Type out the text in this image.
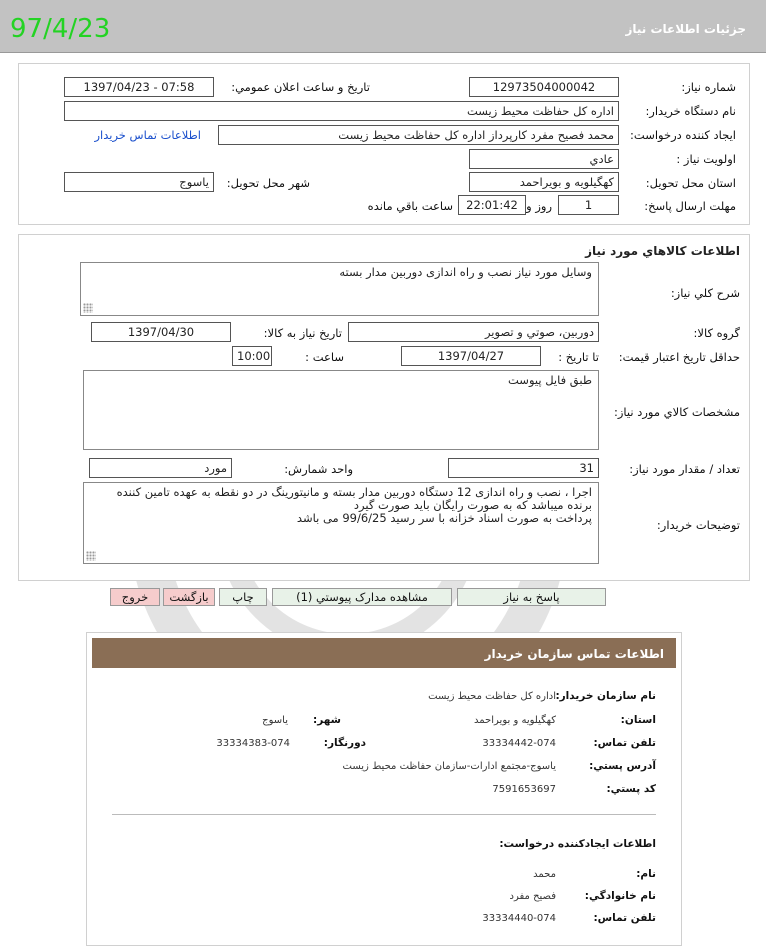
97/4/23	جزئيات اطلاعات نياز
شماره نياز:
1297350400004‎2
تاريخ و ساعت اعلان عمومي:
1397/04/23 - 07:58
نام دستگاه خريدار:
اداره کل حفاظت محيط زيست
ايجاد کننده درخواست:
محمد فصيح مفرد کارپرداز اداره کل حفاظت محيط زيست
اطلاعات تماس خريدار
اولويت نياز :
عادي
استان محل تحويل:
کهگيلويه و بويراحمد
شهر محل تحويل:
ياسوج
مهلت ارسال پاسخ:
1
روز و
22:01:42
ساعت باقي مانده
اطلاعات کالاهاي مورد نياز
شرح کلي نياز:
وسايل مورد نياز نصب و راه اندازی دوربين مدار بسته
گروه کالا:
دوربين، صوتي و تصوير
تاريخ نياز به کالا:
1397/04/30
حداقل تاريخ اعتبار قيمت:
تا تاريخ :
1397/04/27
ساعت :
10:00
مشخصات کالاي مورد نياز:
طبق فايل پيوست
تعداد / مقدار مورد نياز:
31
واحد شمارش:
مورد
توضيحات خريدار:
اجرا ، نصب و راه اندازی 12 دستگاه دوربين مدار بسته و مانيتورينگ در دو نقطه به عهده تامين کننده برنده ميباشد که به صورت رايگان بايد صورت گيرد
پرداخت به صورت اسناد خزانه با سر رسيد 99/6/25 می باشد
پاسخ به نياز
مشاهده مدارک پيوستي (1)
چاپ
بازگشت
خروج
اطلاعات تماس سازمان خريدار
نام سازمان خريدار:
اداره کل حفاظت محيط زيست
استان:
کهگيلويه و بويراحمد
شهر:
ياسوج
تلفن تماس:
33334442-074
دورنگار:
33334383-074
آدرس پستي:
ياسوج-مجتمع ادارات-سازمان حفاظت محيط زيست
کد پستي:
7591653697
اطلاعات ايجادکننده درخواست:
نام:
محمد
نام خانوادگي:
فصيح مفرد
تلفن تماس:
33334440-074
